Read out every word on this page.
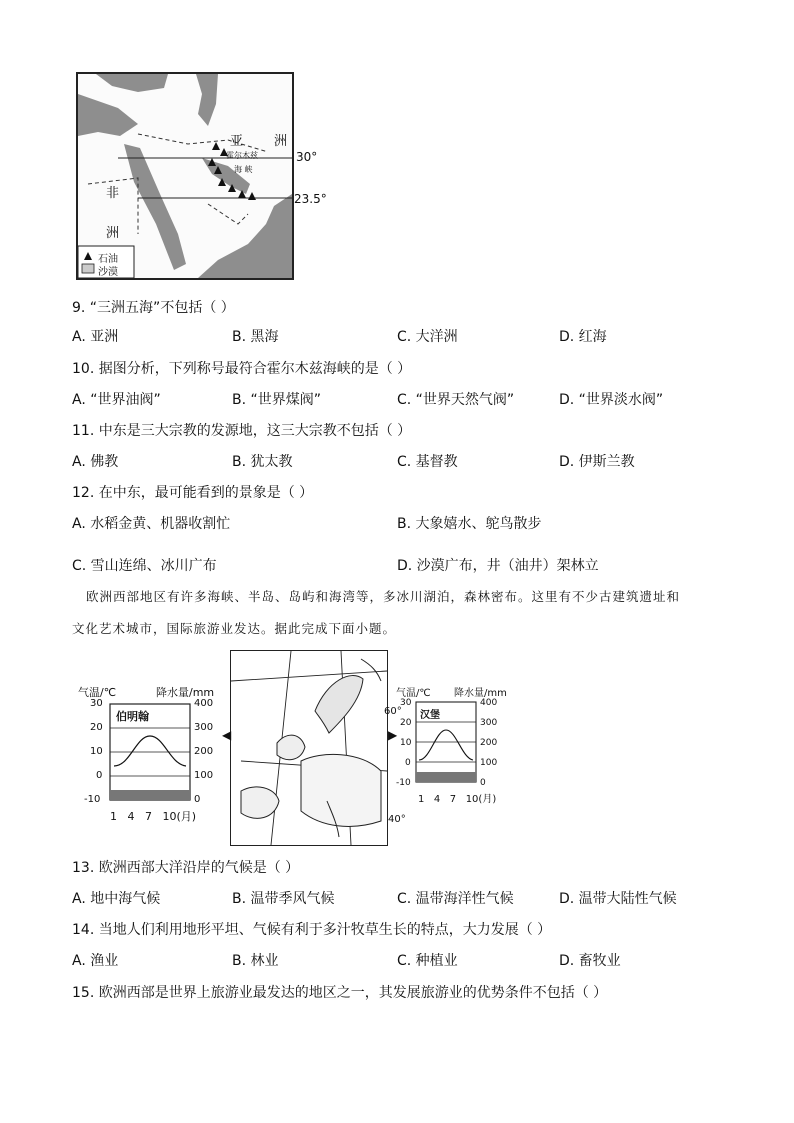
亚 洲
非
洲
霍尔木兹
海 峡
石油
沙漠
30°
23.5°
9. “三洲五海”不包括（ ）
A. 亚洲	B. 黑海	C. 大洋洲	D. 红海
10. 据图分析，下列称号最符合霍尔木兹海峡的是（ ）
A. “世界油阀”	B. “世界煤阀”	C. “世界天然气阀”	D. “世界淡水阀”
11. 中东是三大宗教的发源地，这三大宗教不包括（ ）
A. 佛教	B. 犹太教	C. 基督教	D. 伊斯兰教
12. 在中东，最可能看到的景象是（ ）
A. 水稻金黄、机器收割忙	B. 大象嬉水、鸵鸟散步
C. 雪山连绵、冰川广布	D. 沙漠广布，井（油井）架林立
欧洲西部地区有许多海峡、半岛、岛屿和海湾等，多冰川湖泊，森林密布。这里有不少古建筑遗址和
文化艺术城市，国际旅游业发达。据此完成下面小题。
气温/℃	降水量/mm
伯明翰
30
20
10
0
-10
400
300
200
100
0
1   4   7   10(月)
60°
40°
◀	▶
气温/℃ 降水量/mm
汉堡
30
20
10
0
-10
400
300
200
100
0
1   4   7   10(月)
13. 欧洲西部大洋沿岸的气候是（ ）
A. 地中海气候	B. 温带季风气候	C. 温带海洋性气候	D. 温带大陆性气候
14. 当地人们利用地形平坦、气候有利于多汁牧草生长的特点，大力发展（ ）
A. 渔业	B. 林业	C. 种植业	D. 畜牧业
15. 欧洲西部是世界上旅游业最发达的地区之一，其发展旅游业的优势条件不包括（ ）
